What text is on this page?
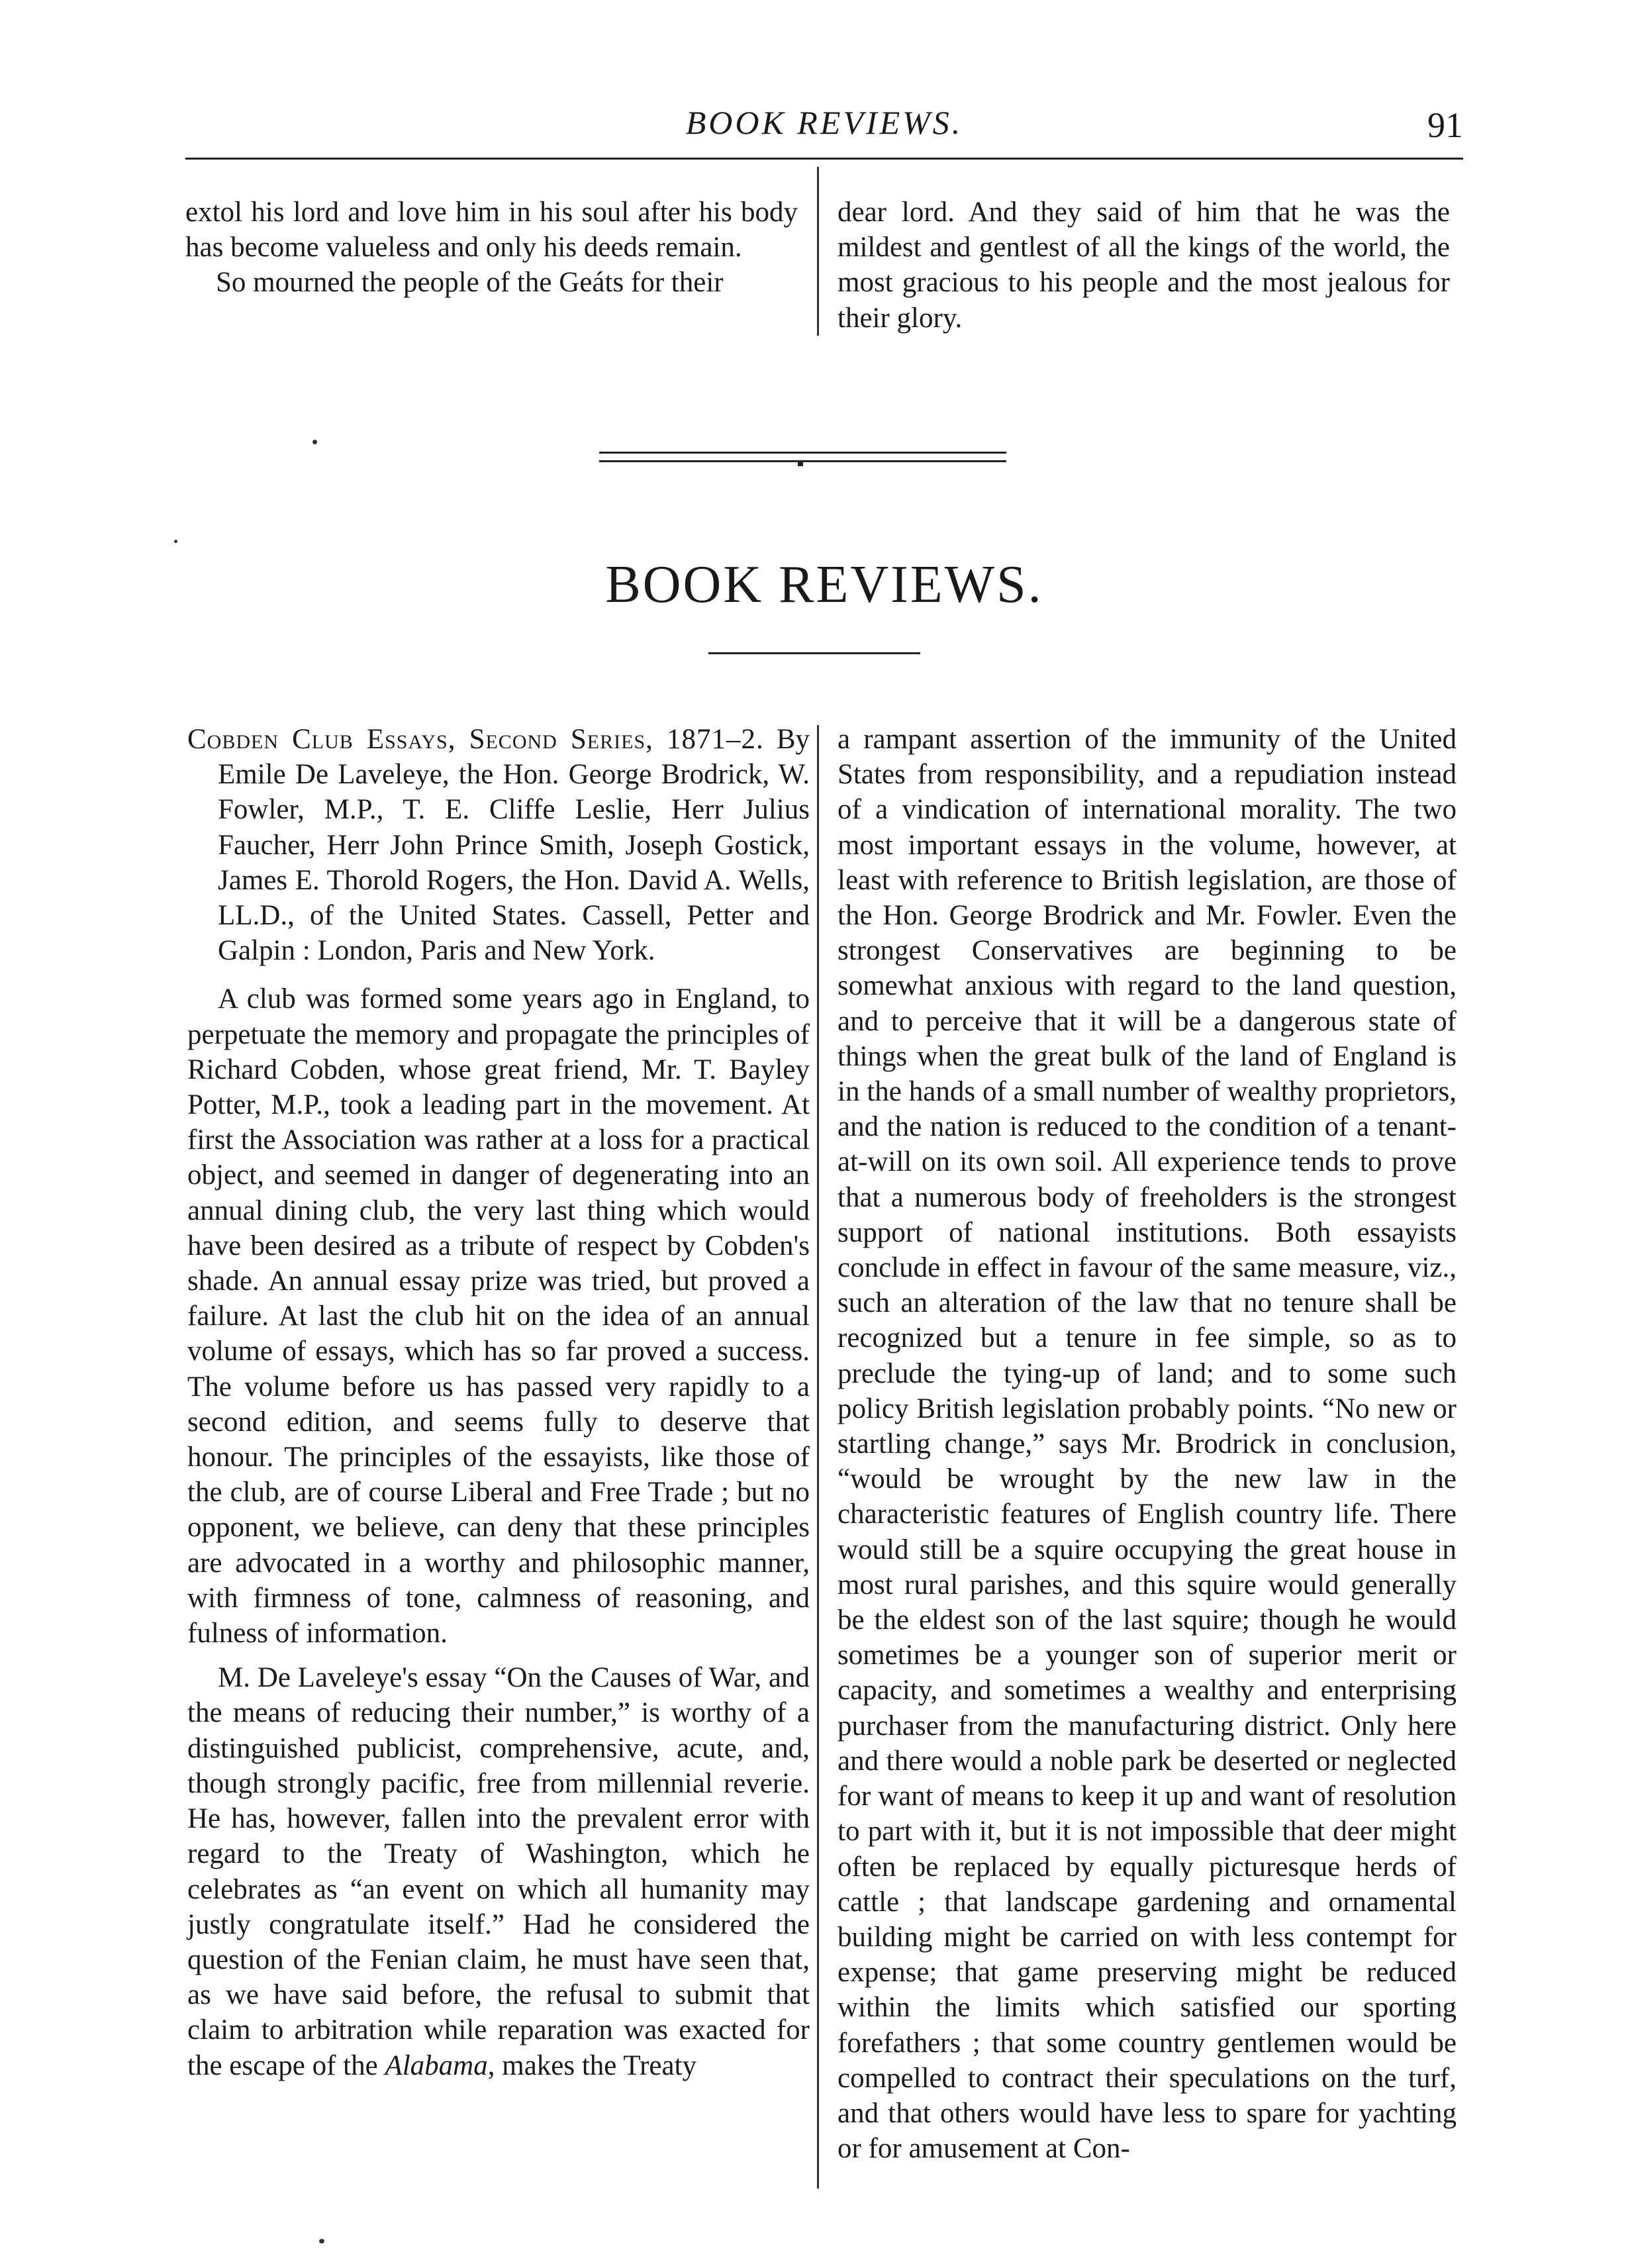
BOOK REVIEWS.	91

extol his lord and love him in his soul after his body has become valueless and only his deeds remain.

So mourned the people of the Geáts for their

dear lord. And they said of him that he was the mildest and gentlest of all the kings of the world, the most gracious to his people and the most jealous for their glory.

BOOK REVIEWS.

Cobden Club Essays, Second Series, 1871–2. By Emile De Laveleye, the Hon. George Brodrick, W. Fowler, M.P., T. E. Cliffe Leslie, Herr Julius Faucher, Herr John Prince Smith, Joseph Gostick, James E. Thorold Rogers, the Hon. David A. Wells, LL.D., of the United States. Cassell, Petter and Galpin : London, Paris and New York.

A club was formed some years ago in England, to perpetuate the memory and propagate the principles of Richard Cobden, whose great friend, Mr. T. Bayley Potter, M.P., took a leading part in the movement. At first the Association was rather at a loss for a practical object, and seemed in danger of degenerating into an annual dining club, the very last thing which would have been desired as a tribute of respect by Cobden's shade. An annual essay prize was tried, but proved a failure. At last the club hit on the idea of an annual volume of essays, which has so far proved a success. The volume before us has passed very rapidly to a second edition, and seems fully to deserve that honour. The principles of the essayists, like those of the club, are of course Liberal and Free Trade ; but no opponent, we believe, can deny that these principles are advocated in a worthy and philosophic manner, with firmness of tone, calmness of reasoning, and fulness of information.

M. De Laveleye's essay “On the Causes of War, and the means of reducing their number,” is worthy of a distinguished publicist, comprehensive, acute, and, though strongly pacific, free from millennial reverie. He has, however, fallen into the prevalent error with regard to the Treaty of Washington, which he celebrates as “an event on which all humanity may justly congratulate itself.” Had he considered the question of the Fenian claim, he must have seen that, as we have said before, the refusal to submit that claim to arbitration while reparation was exacted for the escape of the Alabama, makes the Treaty

a rampant assertion of the immunity of the United States from responsibility, and a repudiation instead of a vindication of international morality. The two most important essays in the volume, however, at least with reference to British legislation, are those of the Hon. George Brodrick and Mr. Fowler. Even the strongest Conservatives are beginning to be somewhat anxious with regard to the land question, and to perceive that it will be a dangerous state of things when the great bulk of the land of England is in the hands of a small number of wealthy proprietors, and the nation is reduced to the condition of a tenant-at-will on its own soil. All experience tends to prove that a numerous body of freeholders is the strongest support of national institutions. Both essayists conclude in effect in favour of the same measure, viz., such an alteration of the law that no tenure shall be recognized but a tenure in fee simple, so as to preclude the tying-up of land; and to some such policy British legislation probably points. “No new or startling change,” says Mr. Brodrick in conclusion, “would be wrought by the new law in the characteristic features of English country life. There would still be a squire occupying the great house in most rural parishes, and this squire would generally be the eldest son of the last squire; though he would sometimes be a younger son of superior merit or capacity, and sometimes a wealthy and enterprising purchaser from the manufacturing district. Only here and there would a noble park be deserted or neglected for want of means to keep it up and want of resolution to part with it, but it is not impossible that deer might often be replaced by equally picturesque herds of cattle ; that landscape gardening and ornamental building might be carried on with less contempt for expense; that game preserving might be reduced within the limits which satisfied our sporting forefathers ; that some country gentlemen would be compelled to contract their speculations on the turf, and that others would have less to spare for yachting or for amusement at Con-
